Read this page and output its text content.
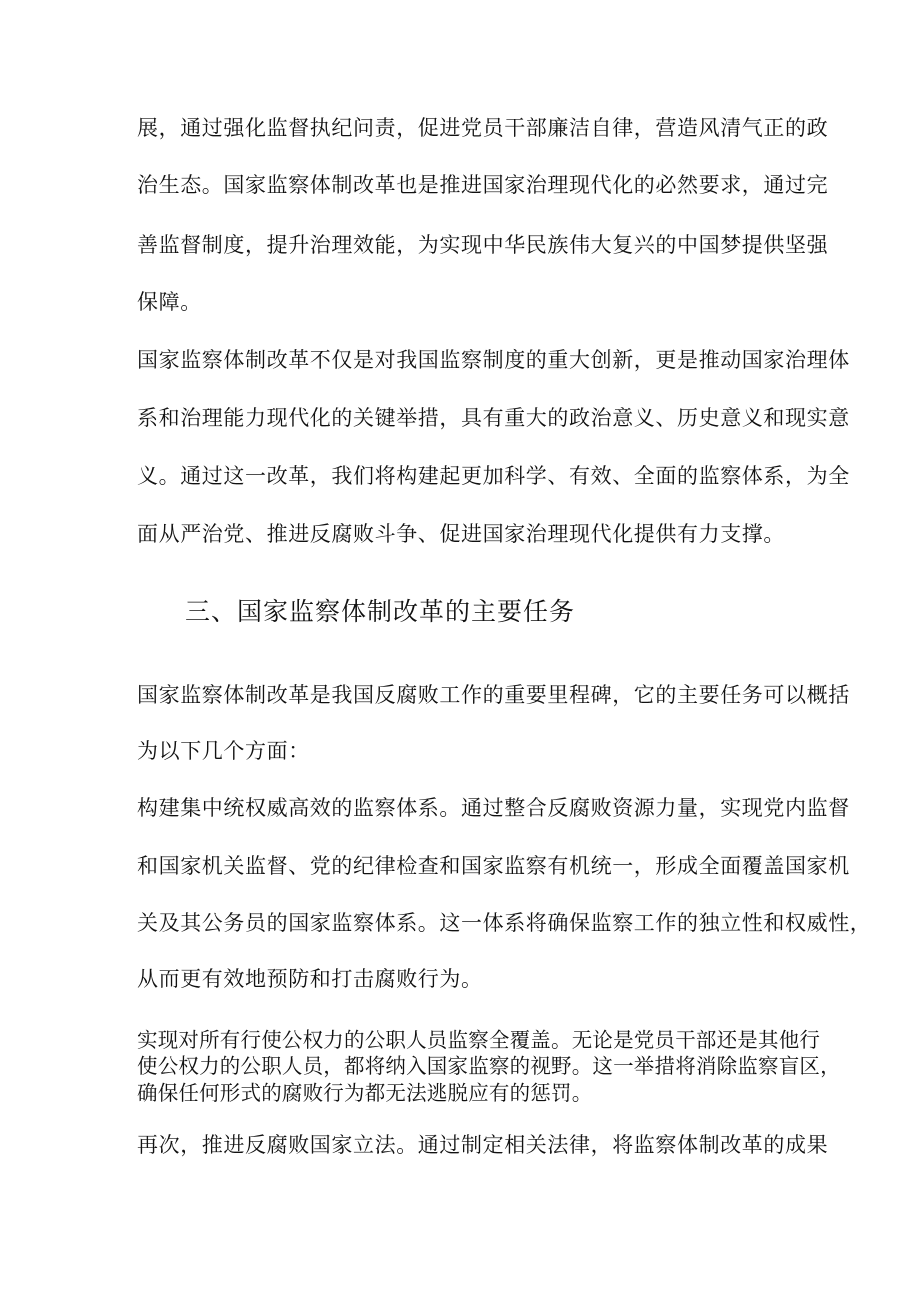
展，通过强化监督执纪问责，促进党员干部廉洁自律，营造风清气正的政
治生态。国家监察体制改革也是推进国家治理现代化的必然要求，通过完
善监督制度，提升治理效能，为实现中华民族伟大复兴的中国梦提供坚强
保障。
国家监察体制改革不仅是对我国监察制度的重大创新，更是推动国家治理体
系和治理能力现代化的关键举措，具有重大的政治意义、历史意义和现实意
义。通过这一改革，我们将构建起更加科学、有效、全面的监察体系，为全
面从严治党、推进反腐败斗争、促进国家治理现代化提供有力支撑。
三、国家监察体制改革的主要任务
国家监察体制改革是我国反腐败工作的重要里程碑，它的主要任务可以概括
为以下几个方面：
构建集中统权威高效的监察体系。通过整合反腐败资源力量，实现党内监督
和国家机关监督、党的纪律检查和国家监察有机统一，形成全面覆盖国家机
关及其公务员的国家监察体系。这一体系将确保监察工作的独立性和权威性，
从而更有效地预防和打击腐败行为。
实现对所有行使公权力的公职人员监察全覆盖。无论是党员干部还是其他行
使公权力的公职人员，都将纳入国家监察的视野。这一举措将消除监察盲区，
确保任何形式的腐败行为都无法逃脱应有的惩罚。
再次，推进反腐败国家立法。通过制定相关法律，将监察体制改革的成果
